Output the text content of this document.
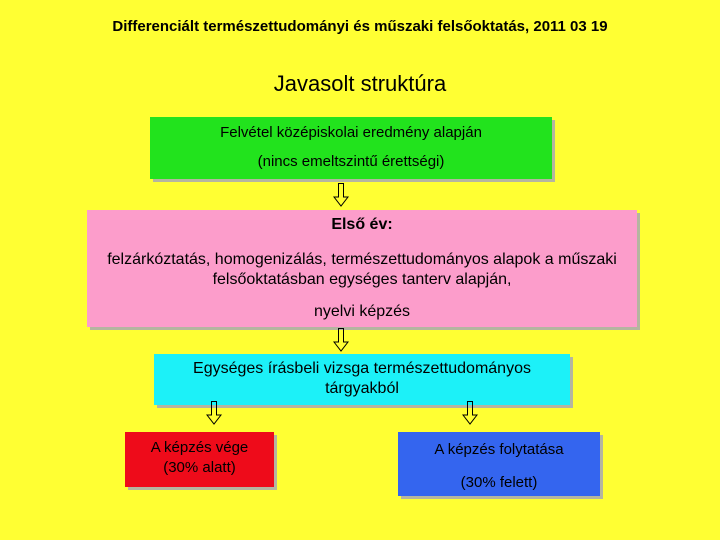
Differenciált természettudományi és műszaki felsőoktatás, 2011 03 19
Javasolt struktúra
Felvétel középiskolai eredmény alapján
(nincs emeltszintű érettségi)
Első év:
felzárkóztatás, homogenizálás, természettudományos alapok a műszaki felsőoktatásban egységes tanterv alapján,
nyelvi képzés
Egységes írásbeli vizsga természettudományos tárgyakból
A képzés vége
(30% alatt)
A képzés folytatása
(30% felett)
